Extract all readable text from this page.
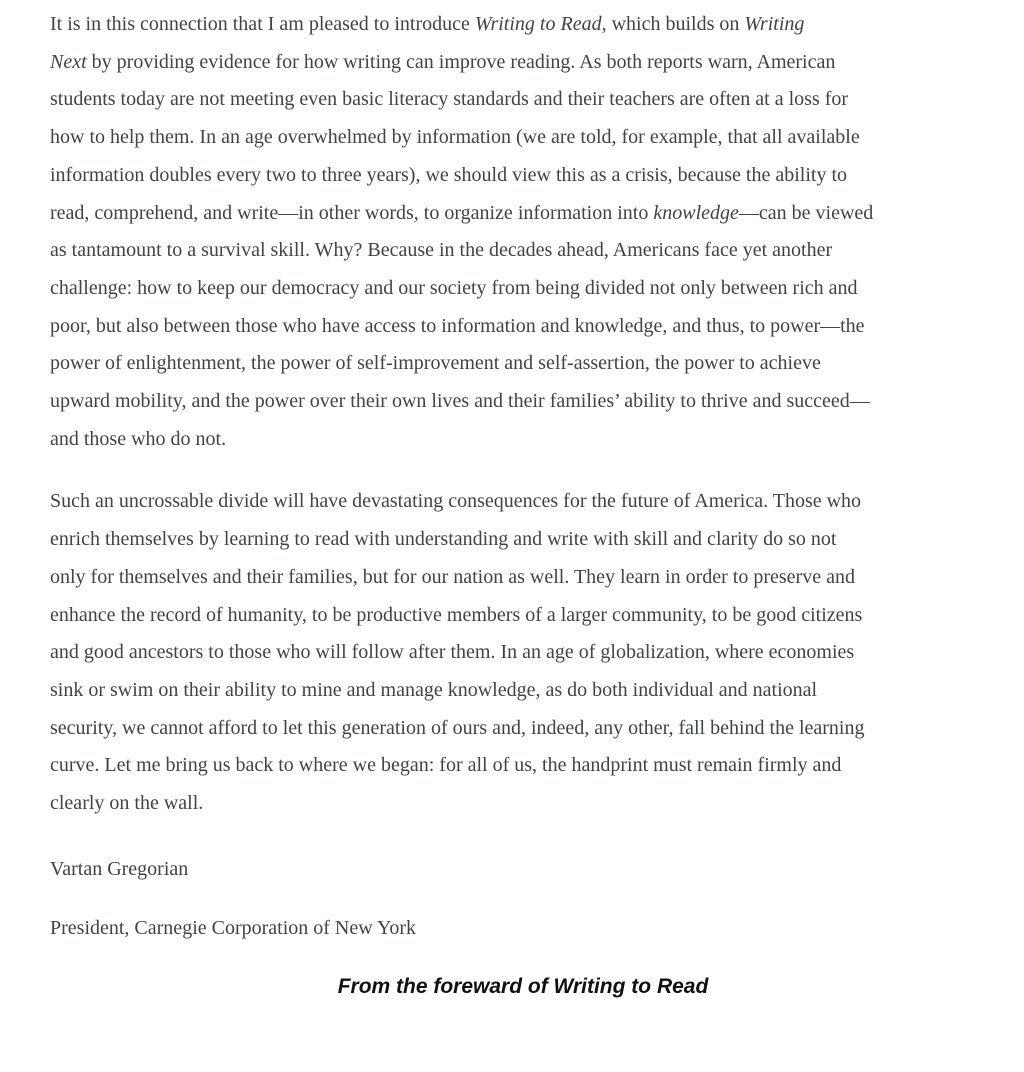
It is in this connection that I am pleased to introduce Writing to Read, which builds on Writing
Next by providing evidence for how writing can improve reading. As both reports warn, American
students today are not meeting even basic literacy standards and their teachers are often at a loss for
how to help them. In an age overwhelmed by information (we are told, for example, that all available
information doubles every two to three years), we should view this as a crisis, because the ability to
read, comprehend, and write—in other words, to organize information into knowledge—can be viewed
as tantamount to a survival skill. Why? Because in the decades ahead, Americans face yet another
challenge: how to keep our democracy and our society from being divided not only between rich and
poor, but also between those who have access to information and knowledge, and thus, to power—the
power of enlightenment, the power of self-improvement and self-assertion, the power to achieve
upward mobility, and the power over their own lives and their families’ ability to thrive and succeed—
and those who do not.
Such an uncrossable divide will have devastating consequences for the future of America. Those who
enrich themselves by learning to read with understanding and write with skill and clarity do so not
only for themselves and their families, but for our nation as well. They learn in order to preserve and
enhance the record of humanity, to be productive members of a larger community, to be good citizens
and good ancestors to those who will follow after them. In an age of globalization, where economies
sink or swim on their ability to mine and manage knowledge, as do both individual and national
security, we cannot afford to let this generation of ours and, indeed, any other, fall behind the learning
curve. Let me bring us back to where we began: for all of us, the handprint must remain firmly and
clearly on the wall.
Vartan Gregorian
President, Carnegie Corporation of New York
From the foreward of Writing to Read
